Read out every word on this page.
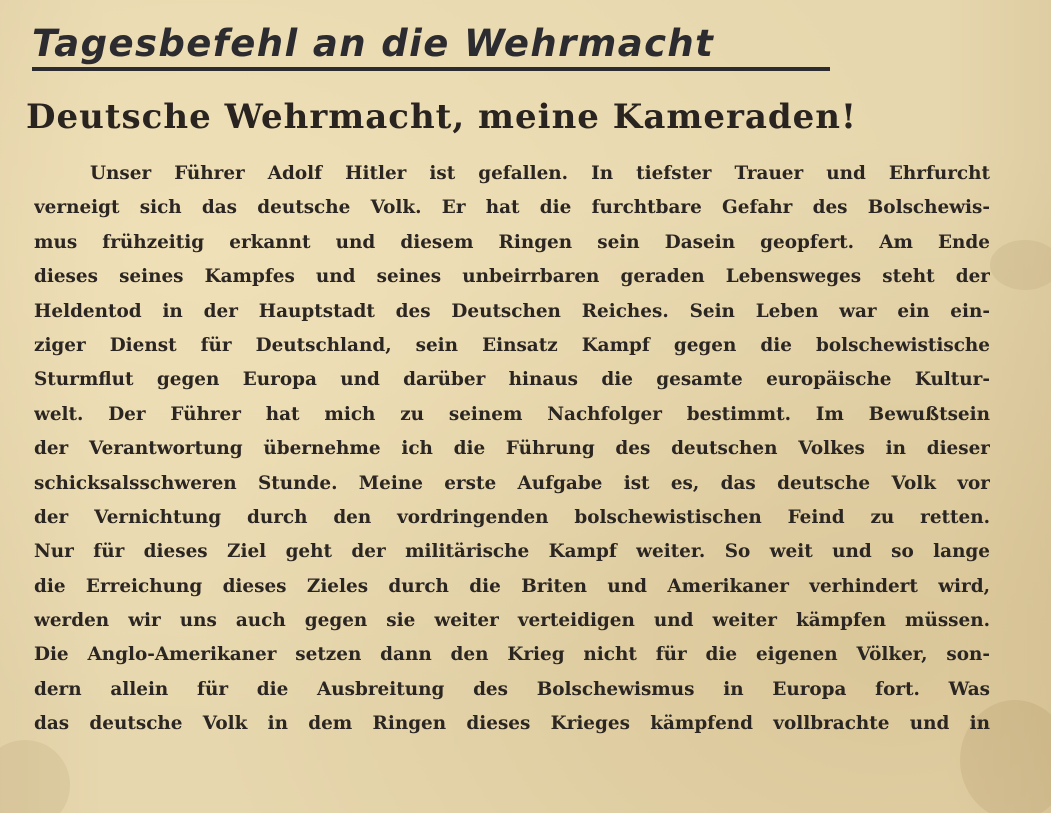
Tagesbefehl an die Wehrmacht
Deutsche Wehrmacht, meine Kameraden!
Unser Führer Adolf Hitler ist gefallen. In tiefster Trauer und Ehrfurcht
verneigt sich das deutsche Volk. Er hat die furchtbare Gefahr des Bolschewis-
mus frühzeitig erkannt und diesem Ringen sein Dasein geopfert. Am Ende
dieses seines Kampfes und seines unbeirrbaren geraden Lebensweges steht der
Heldentod in der Hauptstadt des Deutschen Reiches. Sein Leben war ein ein-
ziger Dienst für Deutschland, sein Einsatz Kampf gegen die bolschewistische
Sturmflut gegen Europa und darüber hinaus die gesamte europäische Kultur-
welt. Der Führer hat mich zu seinem Nachfolger bestimmt. Im Bewußtsein
der Verantwortung übernehme ich die Führung des deutschen Volkes in dieser
schicksalsschweren Stunde. Meine erste Aufgabe ist es, das deutsche Volk vor
der Vernichtung durch den vordringenden bolschewistischen Feind zu retten.
Nur für dieses Ziel geht der militärische Kampf weiter. So weit und so lange
die Erreichung dieses Zieles durch die Briten und Amerikaner verhindert wird,
werden wir uns auch gegen sie weiter verteidigen und weiter kämpfen müssen.
Die Anglo-Amerikaner setzen dann den Krieg nicht für die eigenen Völker, son-
dern allein für die Ausbreitung des Bolschewismus in Europa fort. Was
das deutsche Volk in dem Ringen dieses Krieges kämpfend vollbrachte und in
